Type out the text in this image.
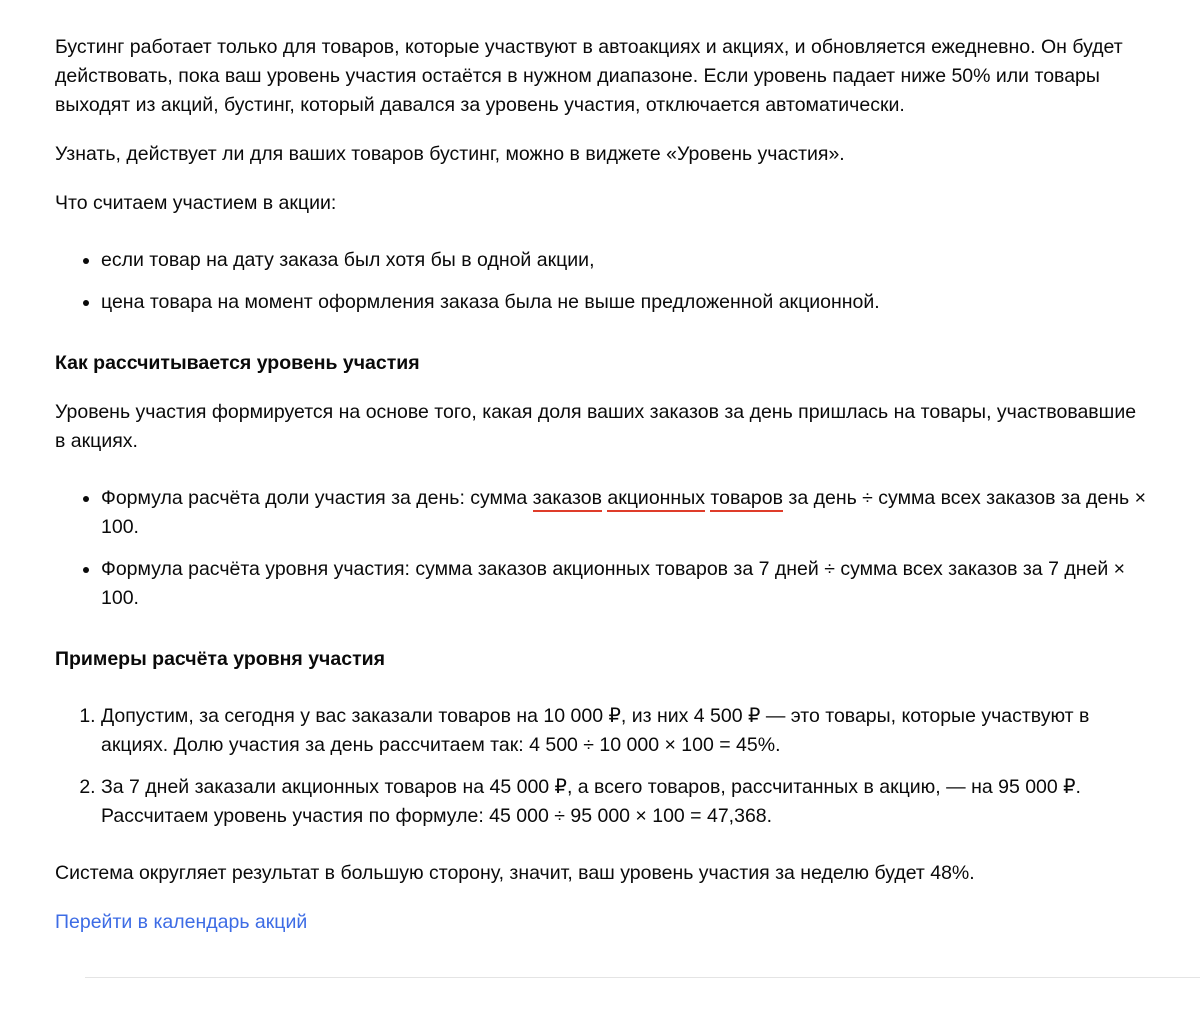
Бустинг работает только для товаров, которые участвуют в автоакциях и акциях, и обновляется ежедневно. Он будет действовать, пока ваш уровень участия остаётся в нужном диапазоне. Если уровень падает ниже 50% или товары выходят из акций, бустинг, который давался за уровень участия, отключается автоматически.

Узнать, действует ли для ваших товаров бустинг, можно в виджете «Уровень участия».

Что считаем участием в акции:

• если товар на дату заказа был хотя бы в одной акции,
• цена товара на момент оформления заказа была не выше предложенной акционной.
Как рассчитывается уровень участия

Уровень участия формируется на основе того, какая доля ваших заказов за день пришлась на товары, участвовавшие в акциях.

• Формула расчёта доли участия за день: сумма заказов акционных товаров за день ÷ сумма всех заказов за день × 100.
• Формула расчёта уровня участия: сумма заказов акционных товаров за 7 дней ÷ сумма всех заказов за 7 дней × 100.
Примеры расчёта уровня участия
1. Допустим, за сегодня у вас заказали товаров на 10 000 ₽, из них 4 500 ₽ — это товары, которые участвуют в акциях. Долю участия за день рассчитаем так: 4 500 ÷ 10 000 × 100 = 45%.
2. За 7 дней заказали акционных товаров на 45 000 ₽, а всего товаров, рассчитанных в акцию, — на 95 000 ₽. Рассчитаем уровень участия по формуле: 45 000 ÷ 95 000 × 100 = 47,368.

Система округляет результат в большую сторону, значит, ваш уровень участия за неделю будет 48%.

Перейти в календарь акций
